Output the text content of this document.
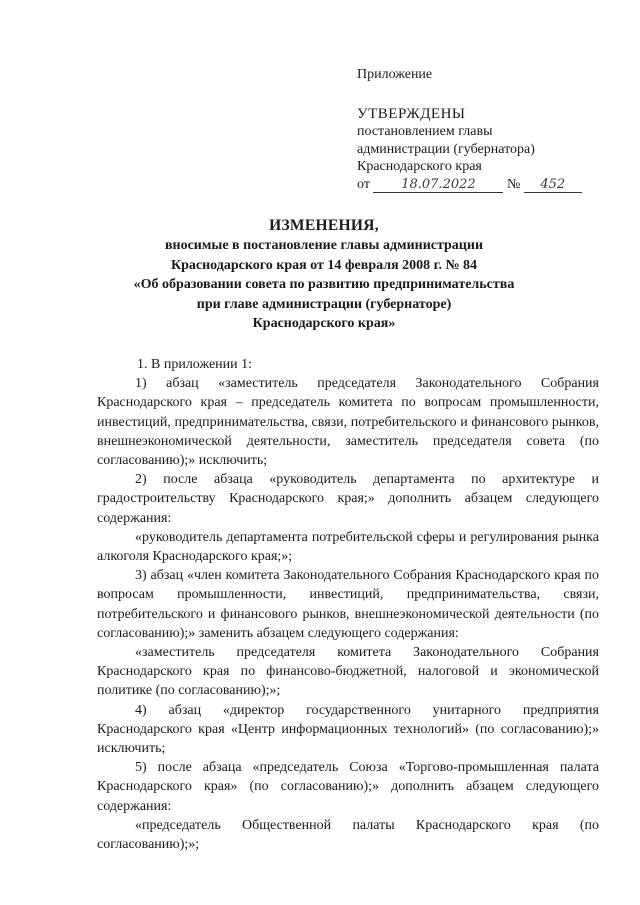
Приложение
УТВЕРЖДЕНЫ
постановлением главы
администрации (губернатора)
Краснодарского края
от 18.07.2022 № 452
ИЗМЕНЕНИЯ,
вносимые в постановление главы администрации
Краснодарского края от 14 февраля 2008 г. № 84
«Об образовании совета по развитию предпринимательства
при главе администрации (губернаторе)
Краснодарского края»

1. В приложении 1:

1) абзац «заместитель председателя Законодательного Собрания Краснодарского края – председатель комитета по вопросам промышленности, инвестиций, предпринимательства, связи, потребительского и финансового рынков, внешнеэкономической деятельности, заместитель председателя совета (по согласованию);» исключить;

2) после абзаца «руководитель департамента по архитектуре и градостроительству Краснодарского края;» дополнить абзацем следующего содержания:

«руководитель департамента потребительской сферы и регулирования рынка алкоголя Краснодарского края;»;

3) абзац «член комитета Законодательного Собрания Краснодарского края по вопросам промышленности, инвестиций, предпринимательства, связи, потребительского и финансового рынков, внешнеэкономической деятельности (по согласованию);» заменить абзацем следующего содержания:

«заместитель председателя комитета Законодательного Собрания Краснодарского края по финансово-бюджетной, налоговой и экономической политике (по согласованию);»;

4) абзац «директор государственного унитарного предприятия Краснодарского края «Центр информационных технологий» (по согласованию);» исключить;

5) после абзаца «председатель Союза «Торгово-промышленная палата Краснодарского края» (по согласованию);» дополнить абзацем следующего содержания:

«председатель Общественной палаты Краснодарского края (по согласованию);»;
